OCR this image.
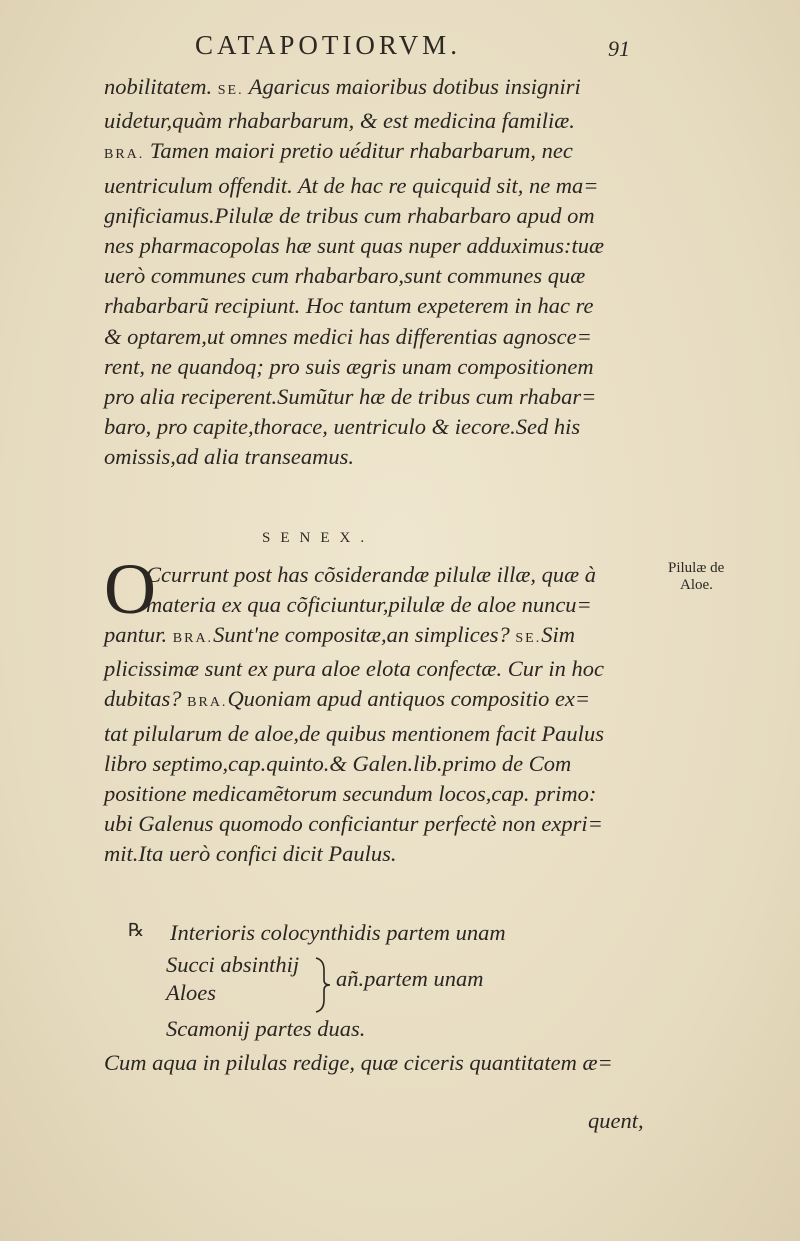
CATAPOTIORVM.	91
nobilitatem. SE. Agaricus maioribus dotibus insigniri
uidetur,quàm rhabarbarum, & est medicina familiæ.
BRA. Tamen maiori pretio uéditur rhabarbarum, nec
uentriculum offendit. At de hac re quicquid sit, ne ma=
gnificiamus.Pilulæ de tribus cum rhabarbaro apud om
nes pharmacopolas hæ sunt quas nuper adduximus:tuæ
uerò communes cum rhabarbaro,sunt communes quæ
rhabarbarũ recipiunt. Hoc tantum expeterem in hac re
& optarem,ut omnes medici has differentias agnosce=
rent, ne quandoq; pro suis ægris unam compositionem
pro alia reciperent.Sumũtur hæ de tribus cum rhabar=
baro, pro capite,thorace, uentriculo & iecore.Sed his
omissis,ad alia transeamus.
SENEX.
O
Ccurrunt post has cõsiderandæ pilulæ illæ, quæ à
materia ex qua cõficiuntur,pilulæ de aloe nuncu=
Pilulæ de
Aloe.
pantur. BRA.Sunt'ne compositæ,an simplices? SE.Sim
plicissimæ sunt ex pura aloe elota confectæ. Cur in hoc
dubitas? BRA.Quoniam apud antiquos compositio ex=
tat pilularum de aloe,de quibus mentionem facit Paulus
libro septimo,cap.quinto.& Galen.lib.primo de Com
positione medicamẽtorum secundum locos,cap. primo:
ubi Galenus quomodo conficiantur perfectè non expri=
mit.Ita uerò confici dicit Paulus.
℞ Interioris colocynthidis partem unam
Succi absinthij
Aloes
añ.partem unam
Scamonij partes duas.
Cum aqua in pilulas redige, quæ ciceris quantitatem æ=
quent,
